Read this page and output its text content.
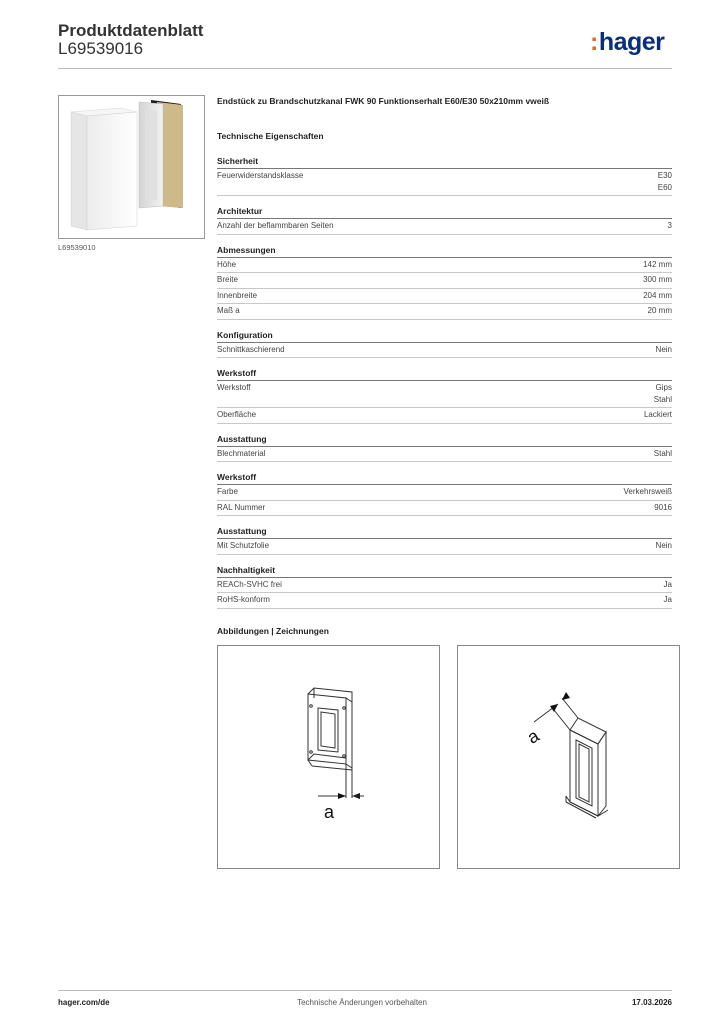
Produktdatenblatt
L69539016	:hager
L69539010
Endstück zu Brandschutzkanal FWK 90 Funktionserhalt E60/E30 50x210mm vweiß
Technische Eigenschaften
Sicherheit
Feuerwiderstandsklasse	E30
E60
Architektur
Anzahl der beflammbaren Seiten	3
Abmessungen
Höhe	142 mm
Breite	300 mm
Innenbreite	204 mm
Maß a	20 mm
Konfiguration
Schnittkaschierend	Nein
Werkstoff
Werkstoff	Gips
Stahl
Oberfläche	Lackiert
Ausstattung
Blechmaterial	Stahl
Werkstoff
Farbe	Verkehrsweiß
RAL Nummer	9016
Ausstattung
Mit Schutzfolie	Nein
Nachhaltigkeit
REACh-SVHC frei	Ja
RoHS-konform	Ja
Abbildungen | Zeichnungen
a
a
hager.com/de	Technische Änderungen vorbehalten	17.03.2026
